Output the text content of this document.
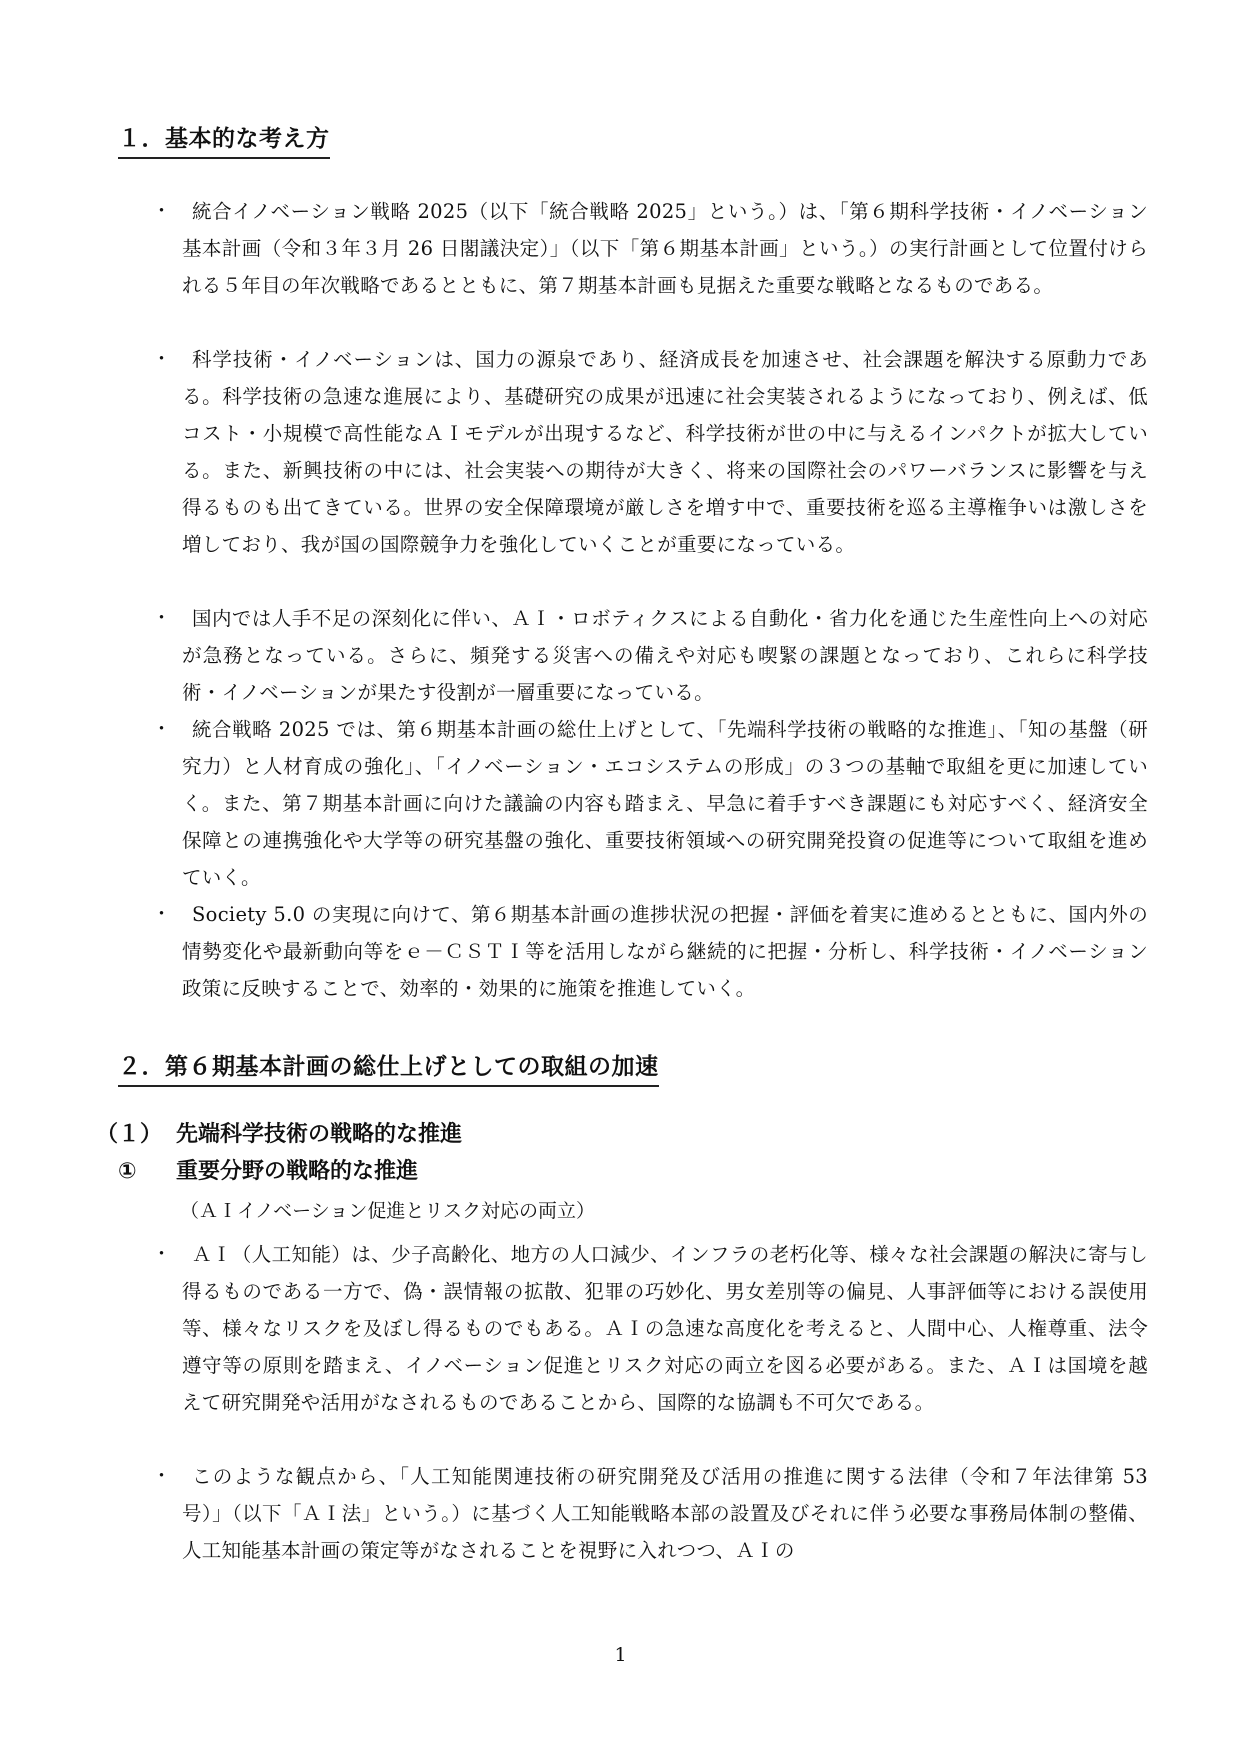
１．基本的な考え方
・	統合イノベーション戦略 2025（以下「統合戦略 2025」という。）は、「第６期科学技術・イノベーション基本計画（令和３年３月 26 日閣議決定）」（以下「第６期基本計画」という。）の実行計画として位置付けられる５年目の年次戦略であるとともに、第７期基本計画も見据えた重要な戦略となるものである。
・	科学技術・イノベーションは、国力の源泉であり、経済成長を加速させ、社会課題を解決する原動力である。科学技術の急速な進展により、基礎研究の成果が迅速に社会実装されるようになっており、例えば、低コスト・小規模で高性能なＡＩモデルが出現するなど、科学技術が世の中に与えるインパクトが拡大している。また、新興技術の中には、社会実装への期待が大きく、将来の国際社会のパワーバランスに影響を与え得るものも出てきている。世界の安全保障環境が厳しさを増す中で、重要技術を巡る主導権争いは激しさを増しており、我が国の国際競争力を強化していくことが重要になっている。
・	国内では人手不足の深刻化に伴い、ＡＩ・ロボティクスによる自動化・省力化を通じた生産性向上への対応が急務となっている。さらに、頻発する災害への備えや対応も喫緊の課題となっており、これらに科学技術・イノベーションが果たす役割が一層重要になっている。
・	統合戦略 2025 では、第６期基本計画の総仕上げとして、「先端科学技術の戦略的な推進」、「知の基盤（研究力）と人材育成の強化」、「イノベーション・エコシステムの形成」の３つの基軸で取組を更に加速していく。また、第７期基本計画に向けた議論の内容も踏まえ、早急に着手すべき課題にも対応すべく、経済安全保障との連携強化や大学等の研究基盤の強化、重要技術領域への研究開発投資の促進等について取組を進めていく。
・	Society 5.0 の実現に向けて、第６期基本計画の進捗状況の把握・評価を着実に進めるとともに、国内外の情勢変化や最新動向等をｅ－ＣＳＴＩ等を活用しながら継続的に把握・分析し、科学技術・イノベーション政策に反映することで、効率的・効果的に施策を推進していく。
２．第６期基本計画の総仕上げとしての取組の加速
（１） 先端科学技術の戦略的な推進
① 重要分野の戦略的な推進
（ＡＩイノベーション促進とリスク対応の両立）
・	ＡＩ（人工知能）は、少子高齢化、地方の人口減少、インフラの老朽化等、様々な社会課題の解決に寄与し得るものである一方で、偽・誤情報の拡散、犯罪の巧妙化、男女差別等の偏見、人事評価等における誤使用等、様々なリスクを及ぼし得るものでもある。ＡＩの急速な高度化を考えると、人間中心、人権尊重、法令遵守等の原則を踏まえ、イノベーション促進とリスク対応の両立を図る必要がある。また、ＡＩは国境を越えて研究開発や活用がなされるものであることから、国際的な協調も不可欠である。
・	このような観点から、「人工知能関連技術の研究開発及び活用の推進に関する法律（令和７年法律第 53 号）」（以下「ＡＩ法」という。）に基づく人工知能戦略本部の設置及びそれに伴う必要な事務局体制の整備、人工知能基本計画の策定等がなされることを視野に入れつつ、ＡＩの
1
